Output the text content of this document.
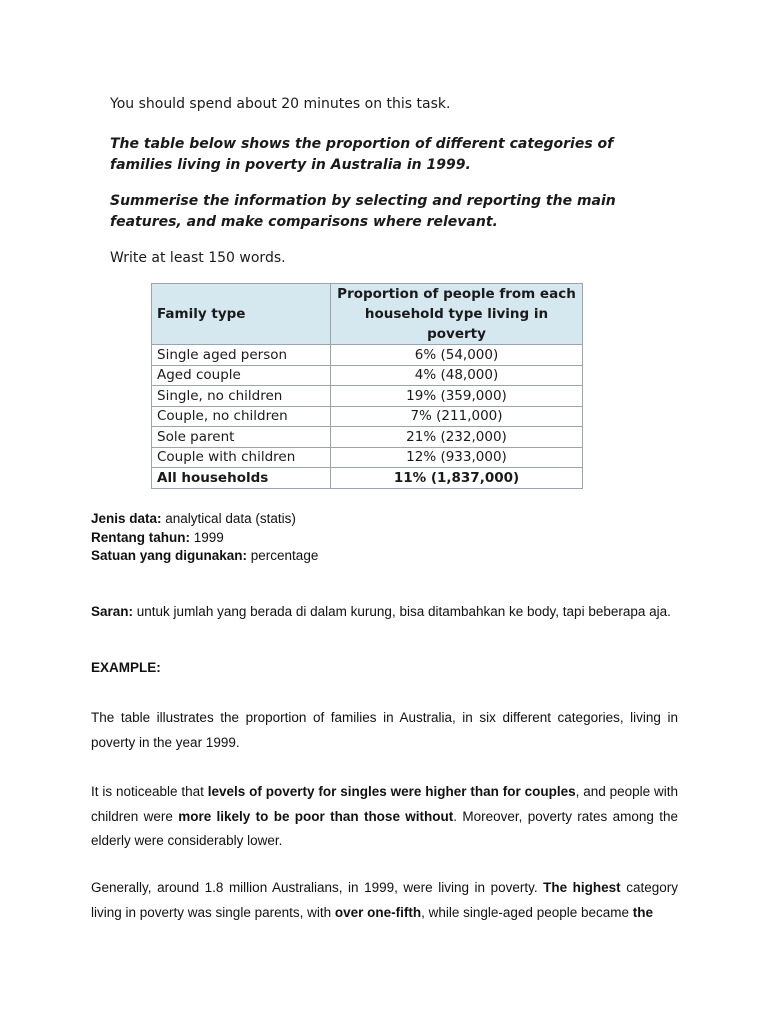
You should spend about 20 minutes on this task.

The table below shows the proportion of different categories of families living in poverty in Australia in 1999.

Summerise the information by selecting and reporting the main features, and make comparisons where relevant.

Write at least 150 words.

Family type	Proportion of people from each household type living in poverty
Single aged person	6% (54,000)
Aged couple	4% (48,000)
Single, no children	19% (359,000)
Couple, no children	7% (211,000)
Sole parent	21% (232,000)
Couple with children	12% (933,000)
All households	11% (1,837,000)
Jenis data: analytical data (statis)
Rentang tahun: 1999
Satuan yang digunakan: percentage

Saran: untuk jumlah yang berada di dalam kurung, bisa ditambahkan ke body, tapi beberapa aja.

EXAMPLE:

The table illustrates the proportion of families in Australia, in six different categories, living in poverty in the year 1999.

It is noticeable that levels of poverty for singles were higher than for couples, and people with children were more likely to be poor than those without. Moreover, poverty rates among the elderly were considerably lower.

Generally, around 1.8 million Australians, in 1999, were living in poverty. The highest category living in poverty was single parents, with over one-fifth, while single-aged people became the
